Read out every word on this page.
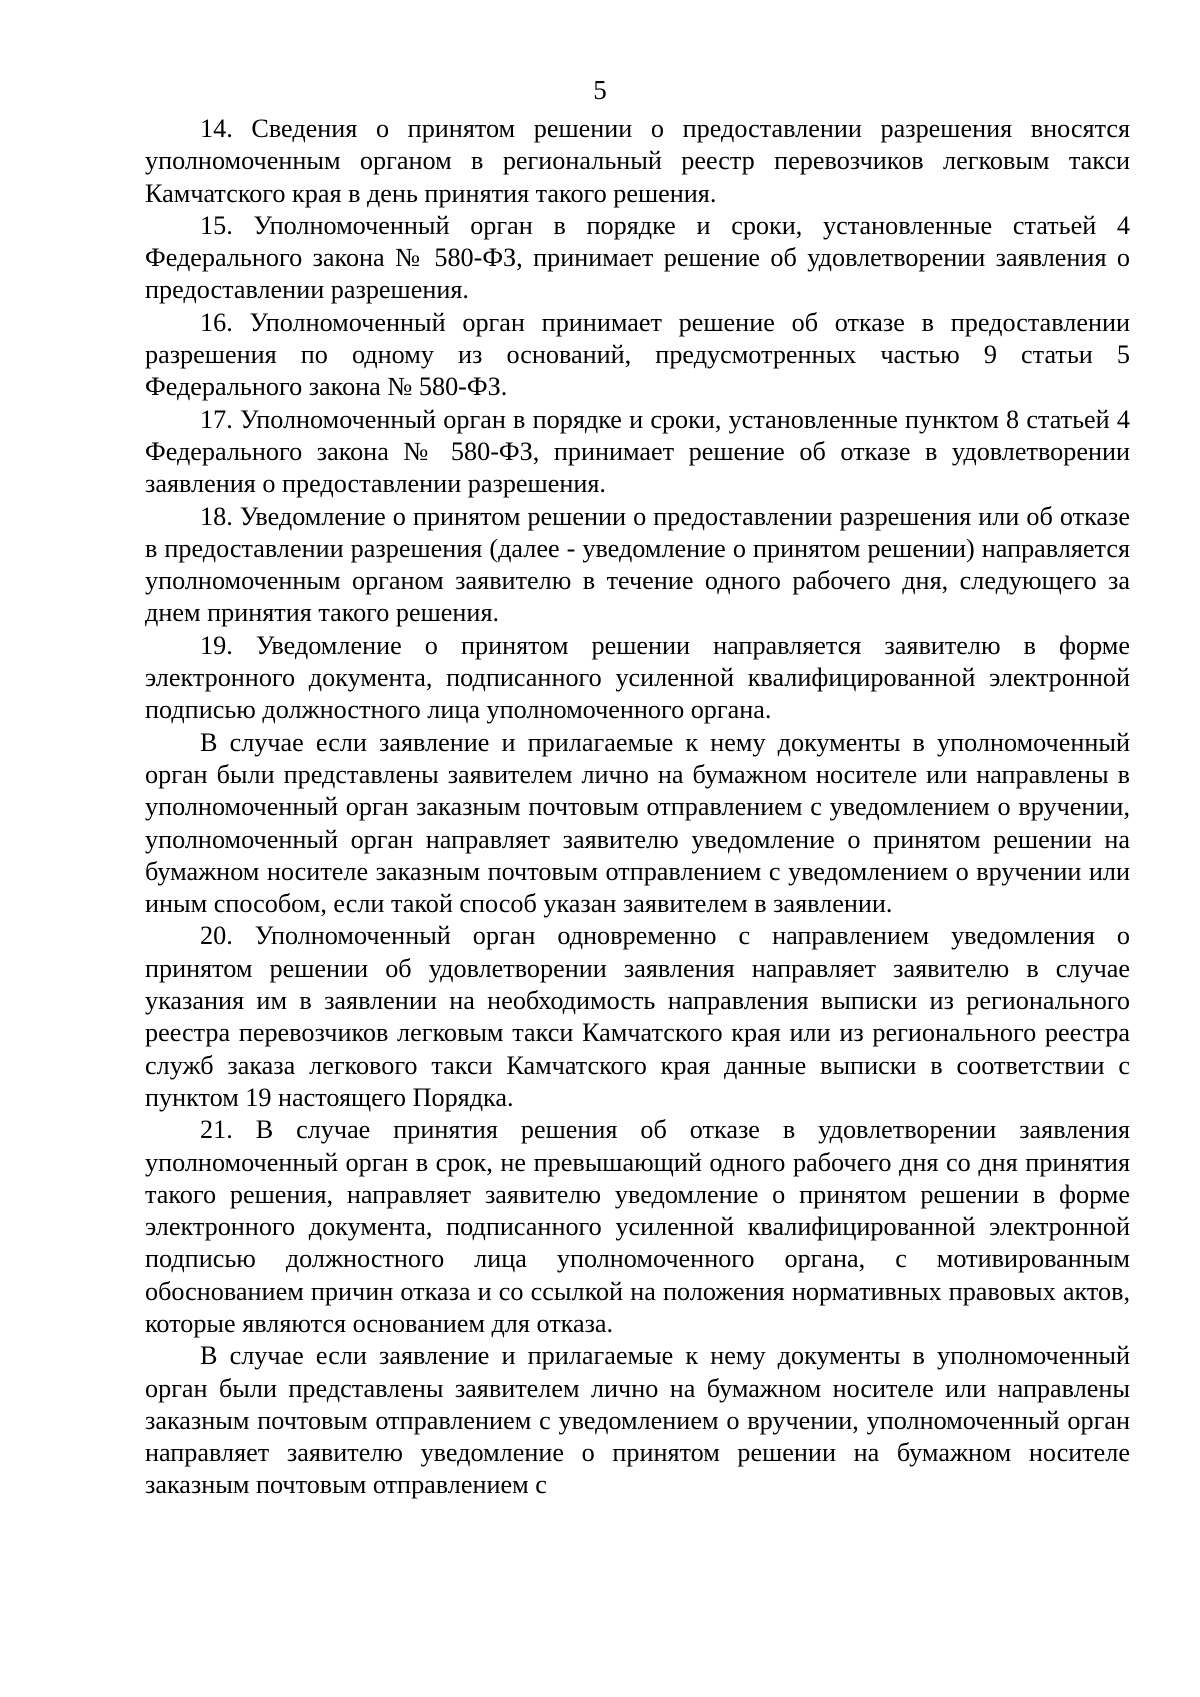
5

14. Сведения о принятом решении о предоставлении разрешения вносятся уполномоченным органом в региональный реестр перевозчиков легковым такси Камчатского края в день принятия такого решения.

15. Уполномоченный орган в порядке и сроки, установленные статьей 4 Федерального закона № 580-ФЗ, принимает решение об удовлетворении заявления о предоставлении разрешения.

16. Уполномоченный орган принимает решение об отказе в предоставлении разрешения по одному из оснований, предусмотренных частью 9 статьи 5 Федерального закона № 580-ФЗ.

17. Уполномоченный орган в порядке и сроки, установленные пунктом 8 статьей 4 Федерального закона № 580-ФЗ, принимает решение об отказе в удовлетворении заявления о предоставлении разрешения.

18. Уведомление о принятом решении о предоставлении разрешения или об отказе в предоставлении разрешения (далее - уведомление о принятом решении) направляется уполномоченным органом заявителю в течение одного рабочего дня, следующего за днем принятия такого решения.

19. Уведомление о принятом решении направляется заявителю в форме электронного документа, подписанного усиленной квалифицированной электронной подписью должностного лица уполномоченного органа.

В случае если заявление и прилагаемые к нему документы в уполномоченный орган были представлены заявителем лично на бумажном носителе или направлены в уполномоченный орган заказным почтовым отправлением с уведомлением о вручении, уполномоченный орган направляет заявителю уведомление о принятом решении на бумажном носителе заказным почтовым отправлением с уведомлением о вручении или иным способом, если такой способ указан заявителем в заявлении.

20. Уполномоченный орган одновременно с направлением уведомления о принятом решении об удовлетворении заявления направляет заявителю в случае указания им в заявлении на необходимость направления выписки из регионального реестра перевозчиков легковым такси Камчатского края или из регионального реестра служб заказа легкового такси Камчатского края данные выписки в соответствии с пунктом 19 настоящего Порядка.

21. В случае принятия решения об отказе в удовлетворении заявления уполномоченный орган в срок, не превышающий одного рабочего дня со дня принятия такого решения, направляет заявителю уведомление о принятом решении в форме электронного документа, подписанного усиленной квалифицированной электронной подписью должностного лица уполномоченного органа, с мотивированным обоснованием причин отказа и со ссылкой на положения нормативных правовых актов, которые являются основанием для отказа.

В случае если заявление и прилагаемые к нему документы в уполномоченный орган были представлены заявителем лично на бумажном носителе или направлены заказным почтовым отправлением с уведомлением о вручении, уполномоченный орган направляет заявителю уведомление о принятом решении на бумажном носителе заказным почтовым отправлением с
